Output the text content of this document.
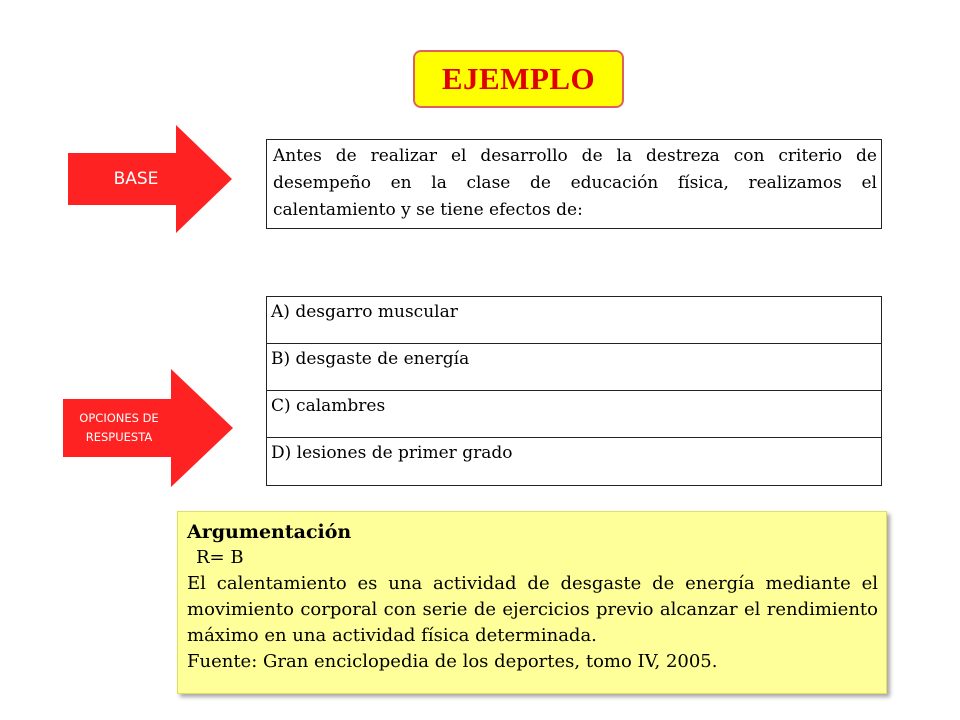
EJEMPLO
BASE
Antes de realizar el desarrollo de la destreza con criterio de desempeño en la clase de educación física, realizamos el calentamiento y se tiene efectos de:
OPCIONES DE
RESPUESTA
A) desgarro muscular
B) desgaste de energía
C) calambres
D) lesiones de primer grado
Argumentación
R= B
El calentamiento es una actividad de desgaste de energía mediante el movimiento corporal con serie de ejercicios previo alcanzar el rendimiento máximo en una actividad física determinada.
Fuente: Gran enciclopedia de los deportes, tomo IV, 2005.
